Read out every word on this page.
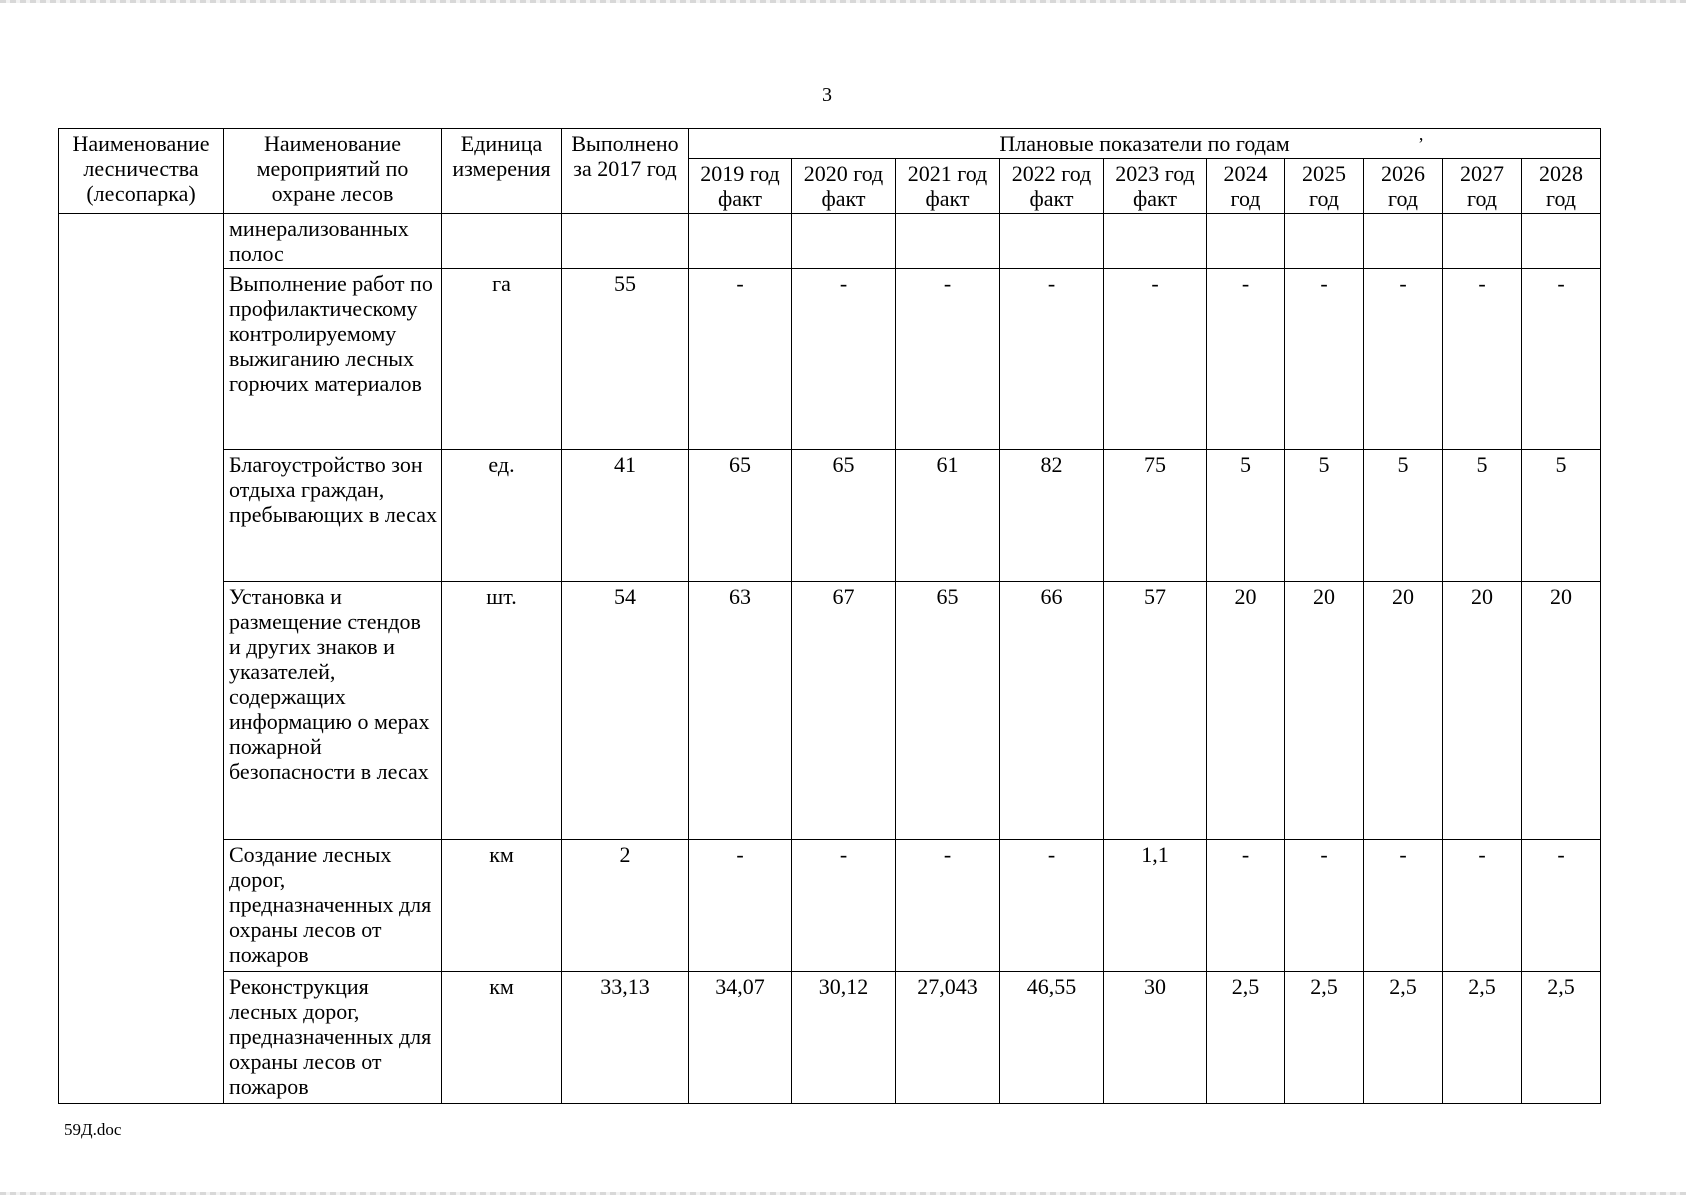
3
’
Наименование лесничества (лесопарка)	Наименование мероприятий по охране лесов	Единица измерения	Выполнено за 2017 год	Плановые показатели по годам									
				2019 год факт	2020 год факт	2021 год факт	2022 год факт	2023 год факт	2024 год	2025 год	2026 год	2027 год	2028 год
	минерализованных полос												
	Выполнение работ по профилактическому контролируемому выжиганию лесных горючих материалов	га	55	-	-	-	-	-	-	-	-	-	-
	Благоустройство зон отдыха граждан, пребывающих в лесах	ед.	41	65	65	61	82	75	5	5	5	5	5
	Установка и размещение стендов и других знаков и указателей, содержащих информацию о мерах пожарной безопасности в лесах	шт.	54	63	67	65	66	57	20	20	20	20	20
	Создание лесных дорог, предназначенных для охраны лесов от пожаров	км	2	-	-	-	-	1,1	-	-	-	-	-
	Реконструкция лесных дорог, предназначенных для охраны лесов от пожаров	км	33,13	34,07	30,12	27,043	46,55	30	2,5	2,5	2,5	2,5	2,5
59Д.doc
